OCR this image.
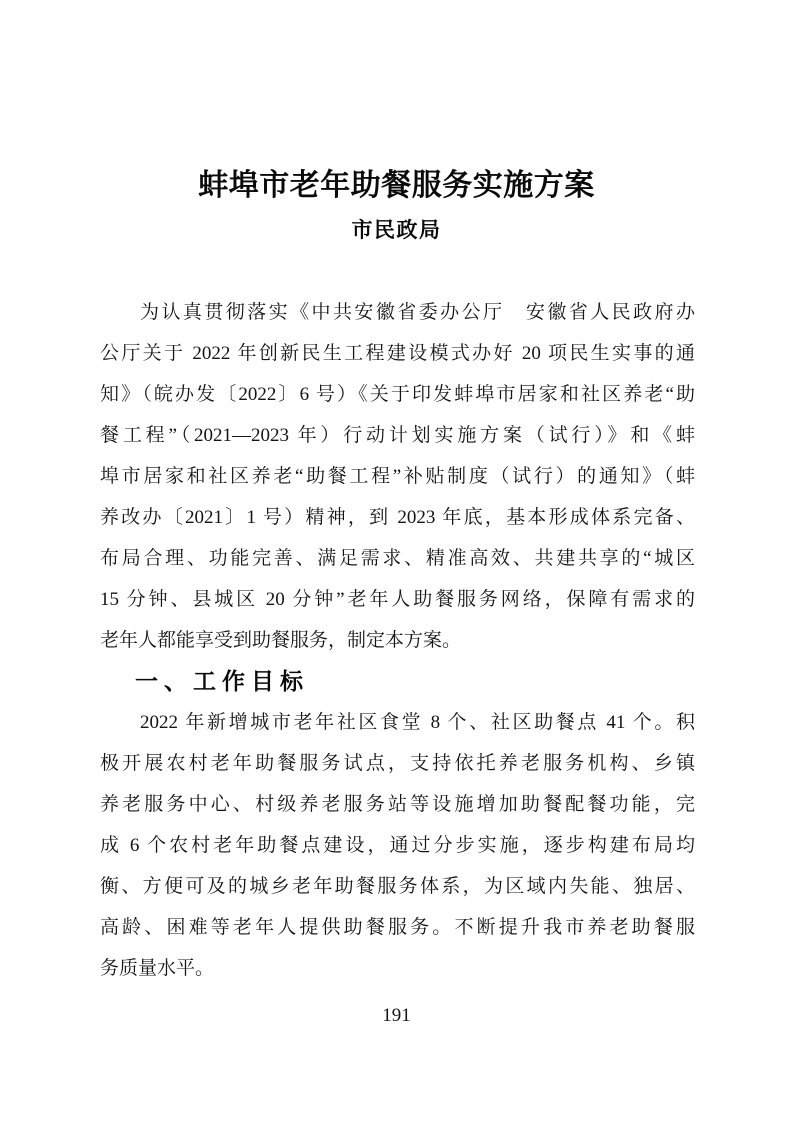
蚌埠市老年助餐服务实施方案
市民政局
为认真贯彻落实《中共安徽省委办公厅　安徽省人民政府办
公厅关于 2022 年创新民生工程建设模式办好 20 项民生实事的通
知》（皖办发〔2022〕6 号）《关于印发蚌埠市居家和社区养老“助
餐工程”（2021—2023 年）行动计划实施方案（试行）》和《蚌
埠市居家和社区养老“助餐工程”补贴制度（试行）的通知》（蚌
养改办〔2021〕1 号）精神，到 2023 年底，基本形成体系完备、
布局合理、功能完善、满足需求、精准高效、共建共享的“城区
15 分钟、县城区 20 分钟”老年人助餐服务网络，保障有需求的
老年人都能享受到助餐服务，制定本方案。
一、工作目标
2022 年新增城市老年社区食堂 8 个、社区助餐点 41 个。积
极开展农村老年助餐服务试点，支持依托养老服务机构、乡镇
养老服务中心、村级养老服务站等设施增加助餐配餐功能，完
成 6 个农村老年助餐点建设，通过分步实施，逐步构建布局均
衡、方便可及的城乡老年助餐服务体系，为区域内失能、独居、
高龄、困难等老年人提供助餐服务。不断提升我市养老助餐服
务质量水平。
191
